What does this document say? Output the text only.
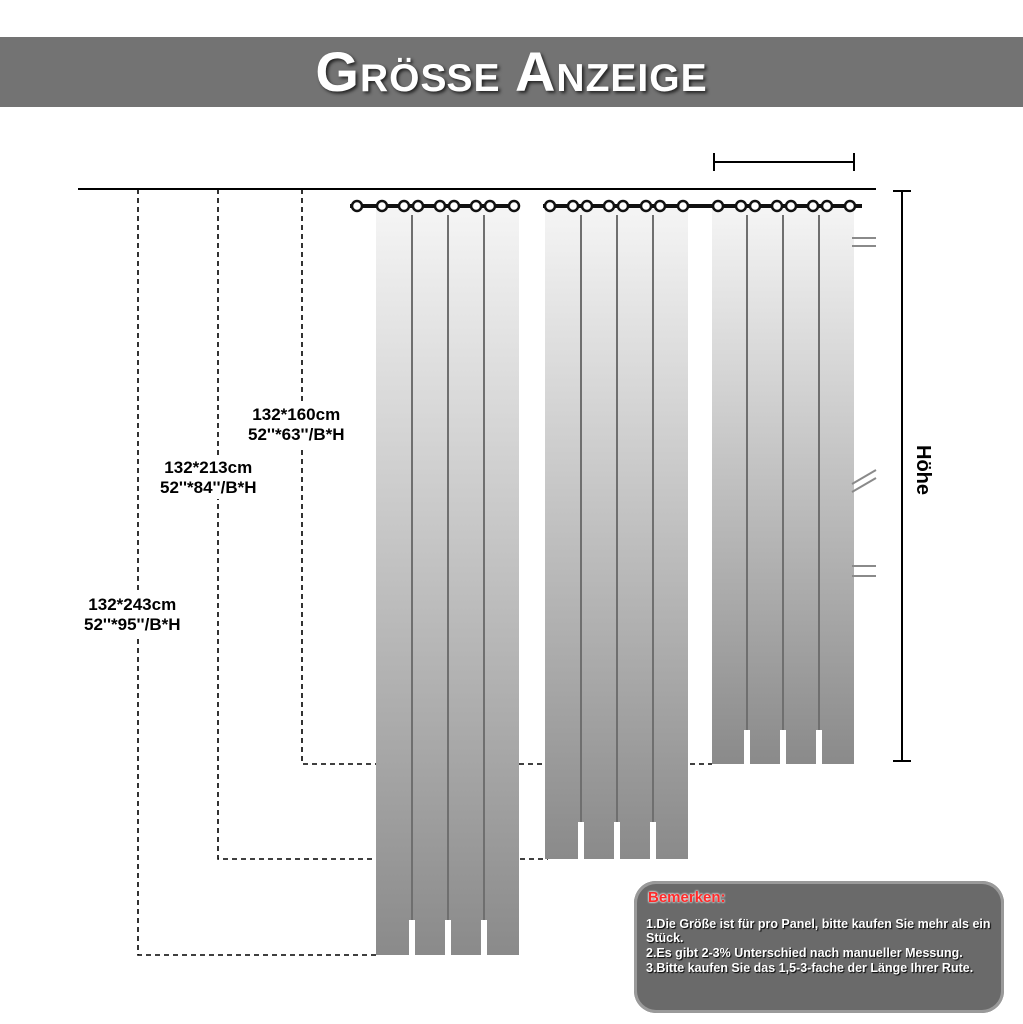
Größe Anzeige
132*160cm
52''*63''/B*H
132*213cm
52''*84''/B*H
132*243cm
52''*95''/B*H
Höhe
Bemerken:
1.Die Größe ist für pro Panel, bitte kaufen Sie mehr als ein Stück.
2.Es gibt 2-3% Unterschied nach manueller Messung.
3.Bitte kaufen Sie das 1,5-3-fache der Länge Ihrer Rute.
